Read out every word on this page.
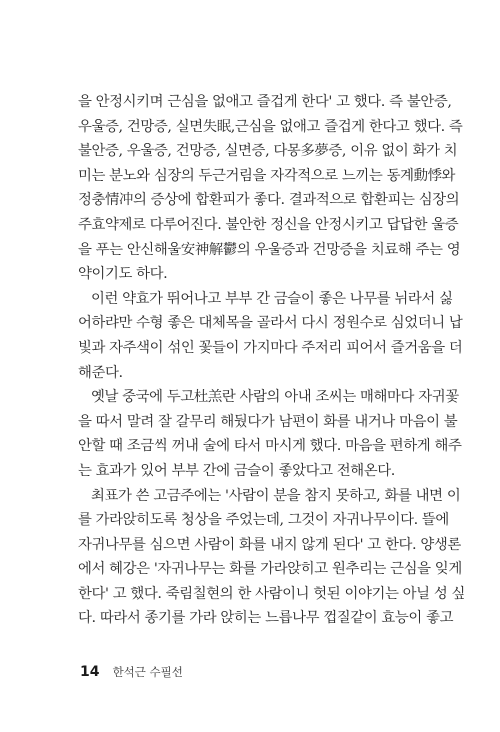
을 안정시키며 근심을 없애고 즐겁게 한다' 고 했다. 즉 불안증,
우울증, 건망증, 실면失眠,근심을 없애고 즐겁게 한다고 했다. 즉
불안증, 우울증, 건망증, 실면증, 다몽多夢증, 이유 없이 화가 치
미는 분노와 심장의 두근거림을 자각적으로 느끼는 동계動悸와
정충情冲의 증상에 합환피가 좋다. 결과적으로 합환피는 심장의
주효약제로 다루어진다. 불안한 정신을 안정시키고 답답한 울증
을 푸는 안신해울安神解鬱의 우울증과 건망증을 치료해 주는 영
약이기도 하다.
이런 약효가 뛰어나고 부부 간 금슬이 좋은 나무를 뉘라서 싫
어하랴만 수형 좋은 대체목을 골라서 다시 정원수로 심었더니 납
빛과 자주색이 섞인 꽃들이 가지마다 주저리 피어서 즐거움을 더
해준다.
옛날 중국에 두고杜羔란 사람의 아내 조씨는 매해마다 자귀꽃
을 따서 말려 잘 갈무리 해뒀다가 남편이 화를 내거나 마음이 불
안할 때 조금씩 꺼내 술에 타서 마시게 했다. 마음을 편하게 해주
는 효과가 있어 부부 간에 금슬이 좋았다고 전해온다.
최표가 쓴 고금주에는 '사람이 분을 참지 못하고, 화를 내면 이
를 가라앉히도록 청상을 주었는데, 그것이 자귀나무이다. 뜰에
자귀나무를 심으면 사람이 화를 내지 않게 된다' 고 한다. 양생론
에서 혜강은 '자귀나무는 화를 가라앉히고 원추리는 근심을 잊게
한다' 고 했다. 죽림칠현의 한 사람이니 헛된 이야기는 아닐 성 싶
다. 따라서 종기를 가라 앉히는 느릅나무 껍질같이 효능이 좋고
14 한석근 수필선
